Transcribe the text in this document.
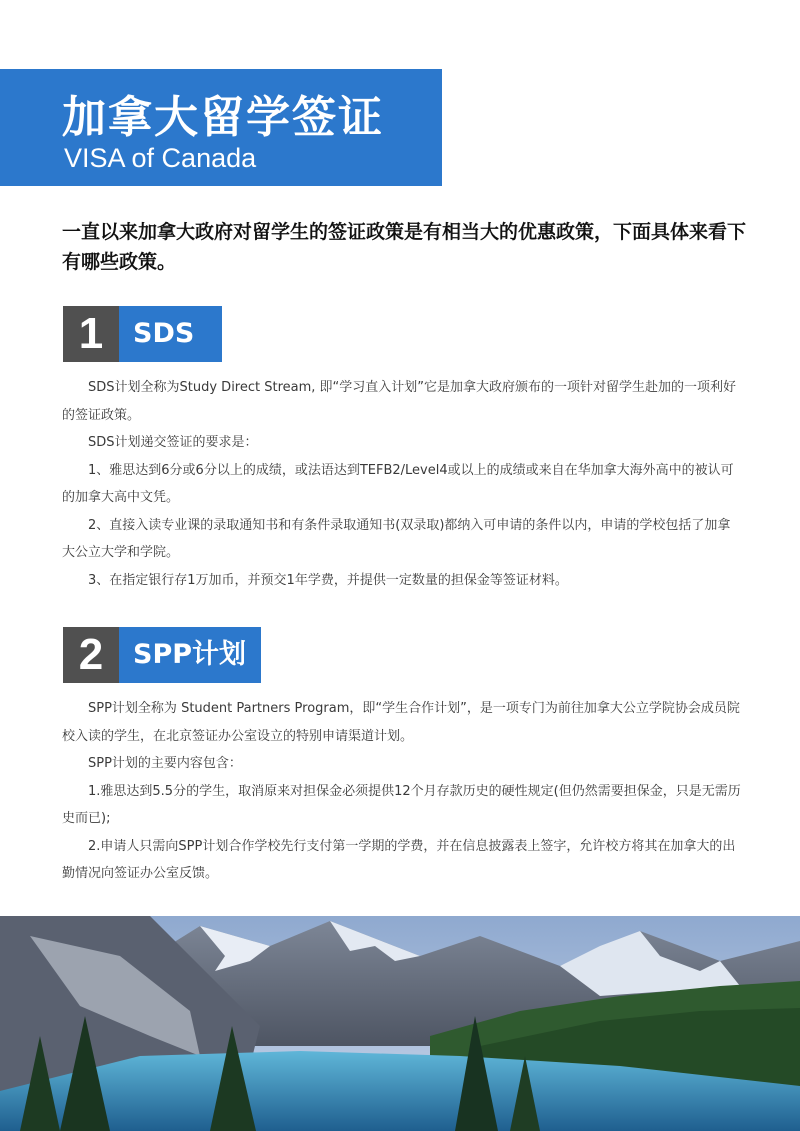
加拿大留学签证
VISA of Canada
一直以来加拿大政府对留学生的签证政策是有相当大的优惠政策，下面具体来看下有哪些政策。
1	SDS

SDS计划全称为Study Direct Stream, 即“学习直入计划”它是加拿大政府颁布的一项针对留学生赴加的一项利好的签证政策。

SDS计划递交签证的要求是：

1、雅思达到6分或6分以上的成绩，或法语达到TEFB2/Level4或以上的成绩或来自在华加拿大海外高中的被认可的加拿大高中文凭。

2、直接入读专业课的录取通知书和有条件录取通知书(双录取)都纳入可申请的条件以内，申请的学校包括了加拿大公立大学和学院。

3、在指定银行存1万加币，并预交1年学费，并提供一定数量的担保金等签证材料。

2	SPP计划

SPP计划全称为 Student Partners Program，即“学生合作计划”，是一项专门为前往加拿大公立学院协会成员院校入读的学生，在北京签证办公室设立的特别申请渠道计划。

SPP计划的主要内容包含：

1.雅思达到5.5分的学生，取消原来对担保金必须提供12个月存款历史的硬性规定(但仍然需要担保金，只是无需历史而已);

2.申请人只需向SPP计划合作学校先行支付第一学期的学费，并在信息披露表上签字，允许校方将其在加拿大的出勤情况向签证办公室反馈。
